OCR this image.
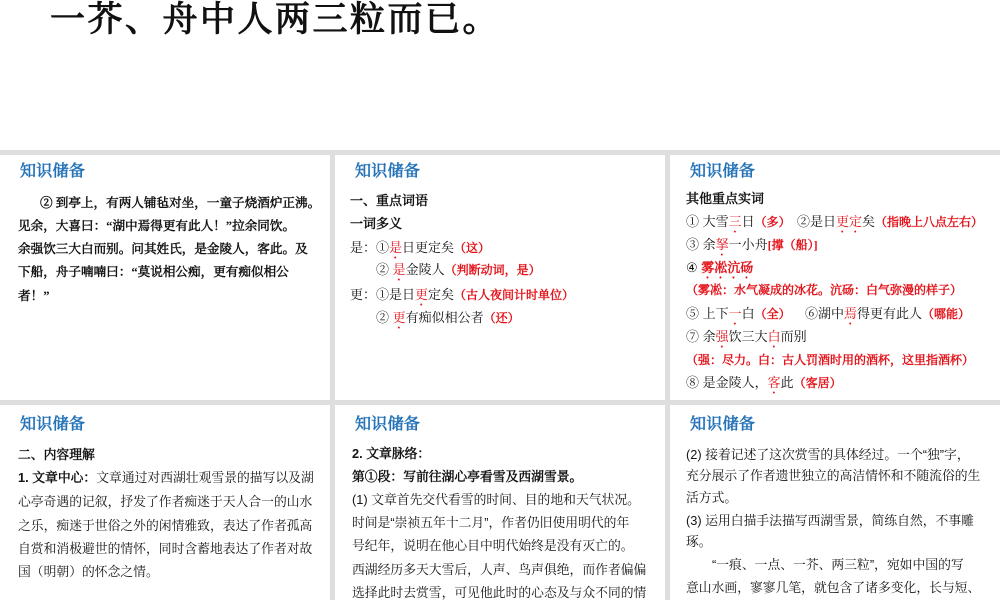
一芥、舟中人两三粒而已。
知识储备
② 到亭上，有两人铺毡对坐，一童子烧酒炉正沸。
见余，大喜曰：“湖中焉得更有此人！”拉余同饮。
余强饮三大白而别。问其姓氏，是金陵人，客此。及
下船，舟子喃喃曰：“莫说相公痴，更有痴似相公
者！”
知识储备
一、重点词语
一词多义
是：①是日更定矣（这）
② 是金陵人（判断动词，是）
更：①是日更定矣（古人夜间计时单位）
② 更有痴似相公者（还）
知识储备
其他重点实词
① 大雪三日（多） ②是日更定矣（指晚上八点左右）
③ 余拏一小舟[撑（船）]
④ 雾凇沆砀
（雾凇：水气凝成的冰花。沆砀：白气弥漫的样子）
⑤ 上下一白（全） ⑥湖中焉得更有此人（哪能）
⑦ 余强饮三大白而别
（强：尽力。白：古人罚酒时用的酒杯，这里指酒杯）
⑧ 是金陵人，客此（客居）
知识储备
二、内容理解
1. 文章中心：文章通过对西湖壮观雪景的描写以及湖
心亭奇遇的记叙，抒发了作者痴迷于天人合一的山水
之乐，痴迷于世俗之外的闲情雅致，表达了作者孤高
自赏和消极避世的情怀，同时含蓄地表达了作者对故
国（明朝）的怀念之情。
知识储备
2. 文章脉络：
第①段：写前往湖心亭看雪及西湖雪景。
(1) 文章首先交代看雪的时间、目的地和天气状况。
时间是“崇祯五年十二月”，作者仍旧使用明代的年
号纪年，说明在他心目中明代始终是没有灭亡的。
西湖经历多天大雪后，人声、鸟声俱绝，而作者偏偏
选择此时去赏雪，可见他此时的心态及与众不同的情
知识储备
(2) 接着记述了这次赏雪的具体经过。一个“独”字，
充分展示了作者遗世独立的高洁情怀和不随流俗的生
活方式。
(3) 运用白描手法描写西湖雪景，简练自然，不事雕
琢。
“一痕、一点、一芥、两三粒”，宛如中国的写
意山水画，寥寥几笔，就包含了诸多变化，长与短、
